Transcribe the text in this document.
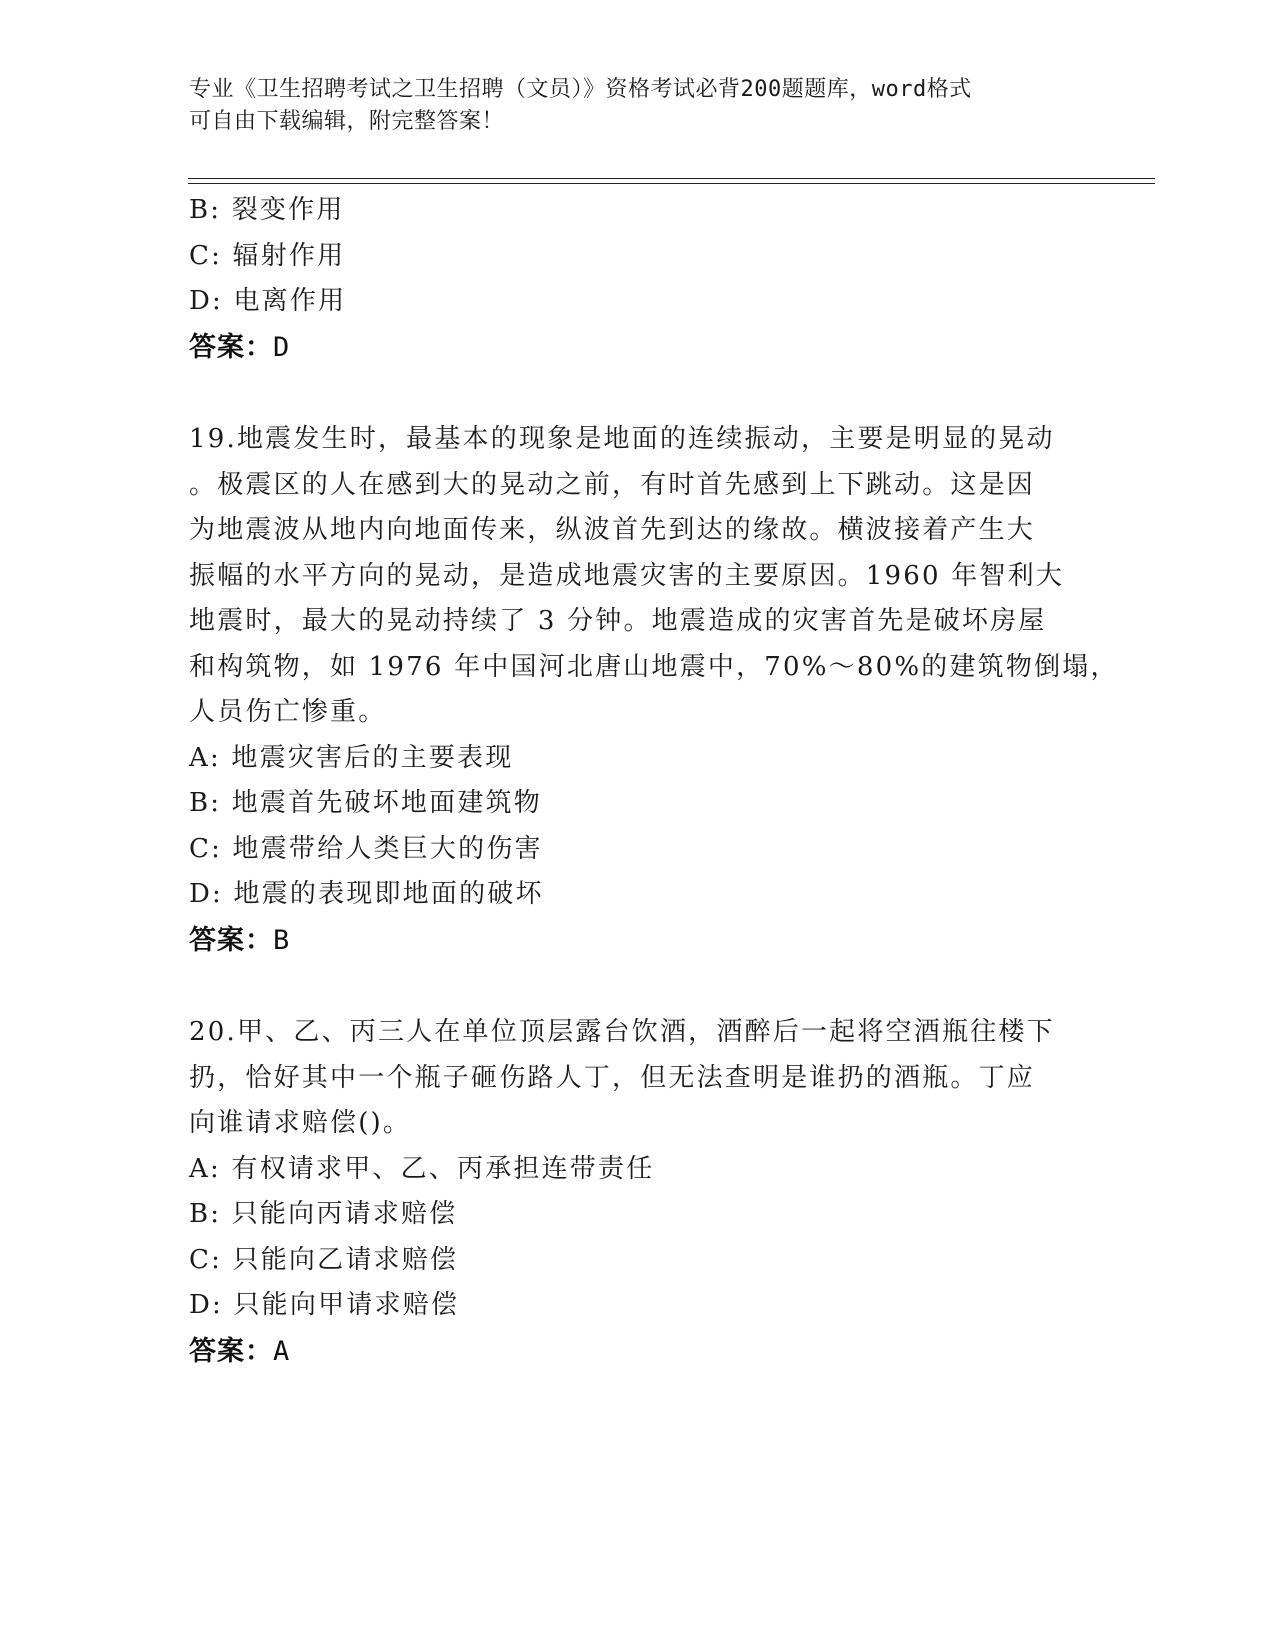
专业《卫生招聘考试之卫生招聘（文员）》资格考试必背200题题库，word格式
可自由下载编辑，附完整答案！
B: 裂变作用
C: 辐射作用
D: 电离作用
答案：D
19.地震发生时，最基本的现象是地面的连续振动，主要是明显的晃动
。极震区的人在感到大的晃动之前，有时首先感到上下跳动。这是因
为地震波从地内向地面传来，纵波首先到达的缘故。横波接着产生大
振幅的水平方向的晃动，是造成地震灾害的主要原因。1960 年智利大
地震时，最大的晃动持续了 3 分钟。地震造成的灾害首先是破坏房屋
和构筑物，如 1976 年中国河北唐山地震中，70%～80%的建筑物倒塌，
人员伤亡惨重。
A: 地震灾害后的主要表现
B: 地震首先破坏地面建筑物
C: 地震带给人类巨大的伤害
D: 地震的表现即地面的破坏
答案：B
20.甲、乙、丙三人在单位顶层露台饮酒，酒醉后一起将空酒瓶往楼下
扔，恰好其中一个瓶子砸伤路人丁，但无法查明是谁扔的酒瓶。丁应
向谁请求赔偿()。
A: 有权请求甲、乙、丙承担连带责任
B: 只能向丙请求赔偿
C: 只能向乙请求赔偿
D: 只能向甲请求赔偿
答案：A
